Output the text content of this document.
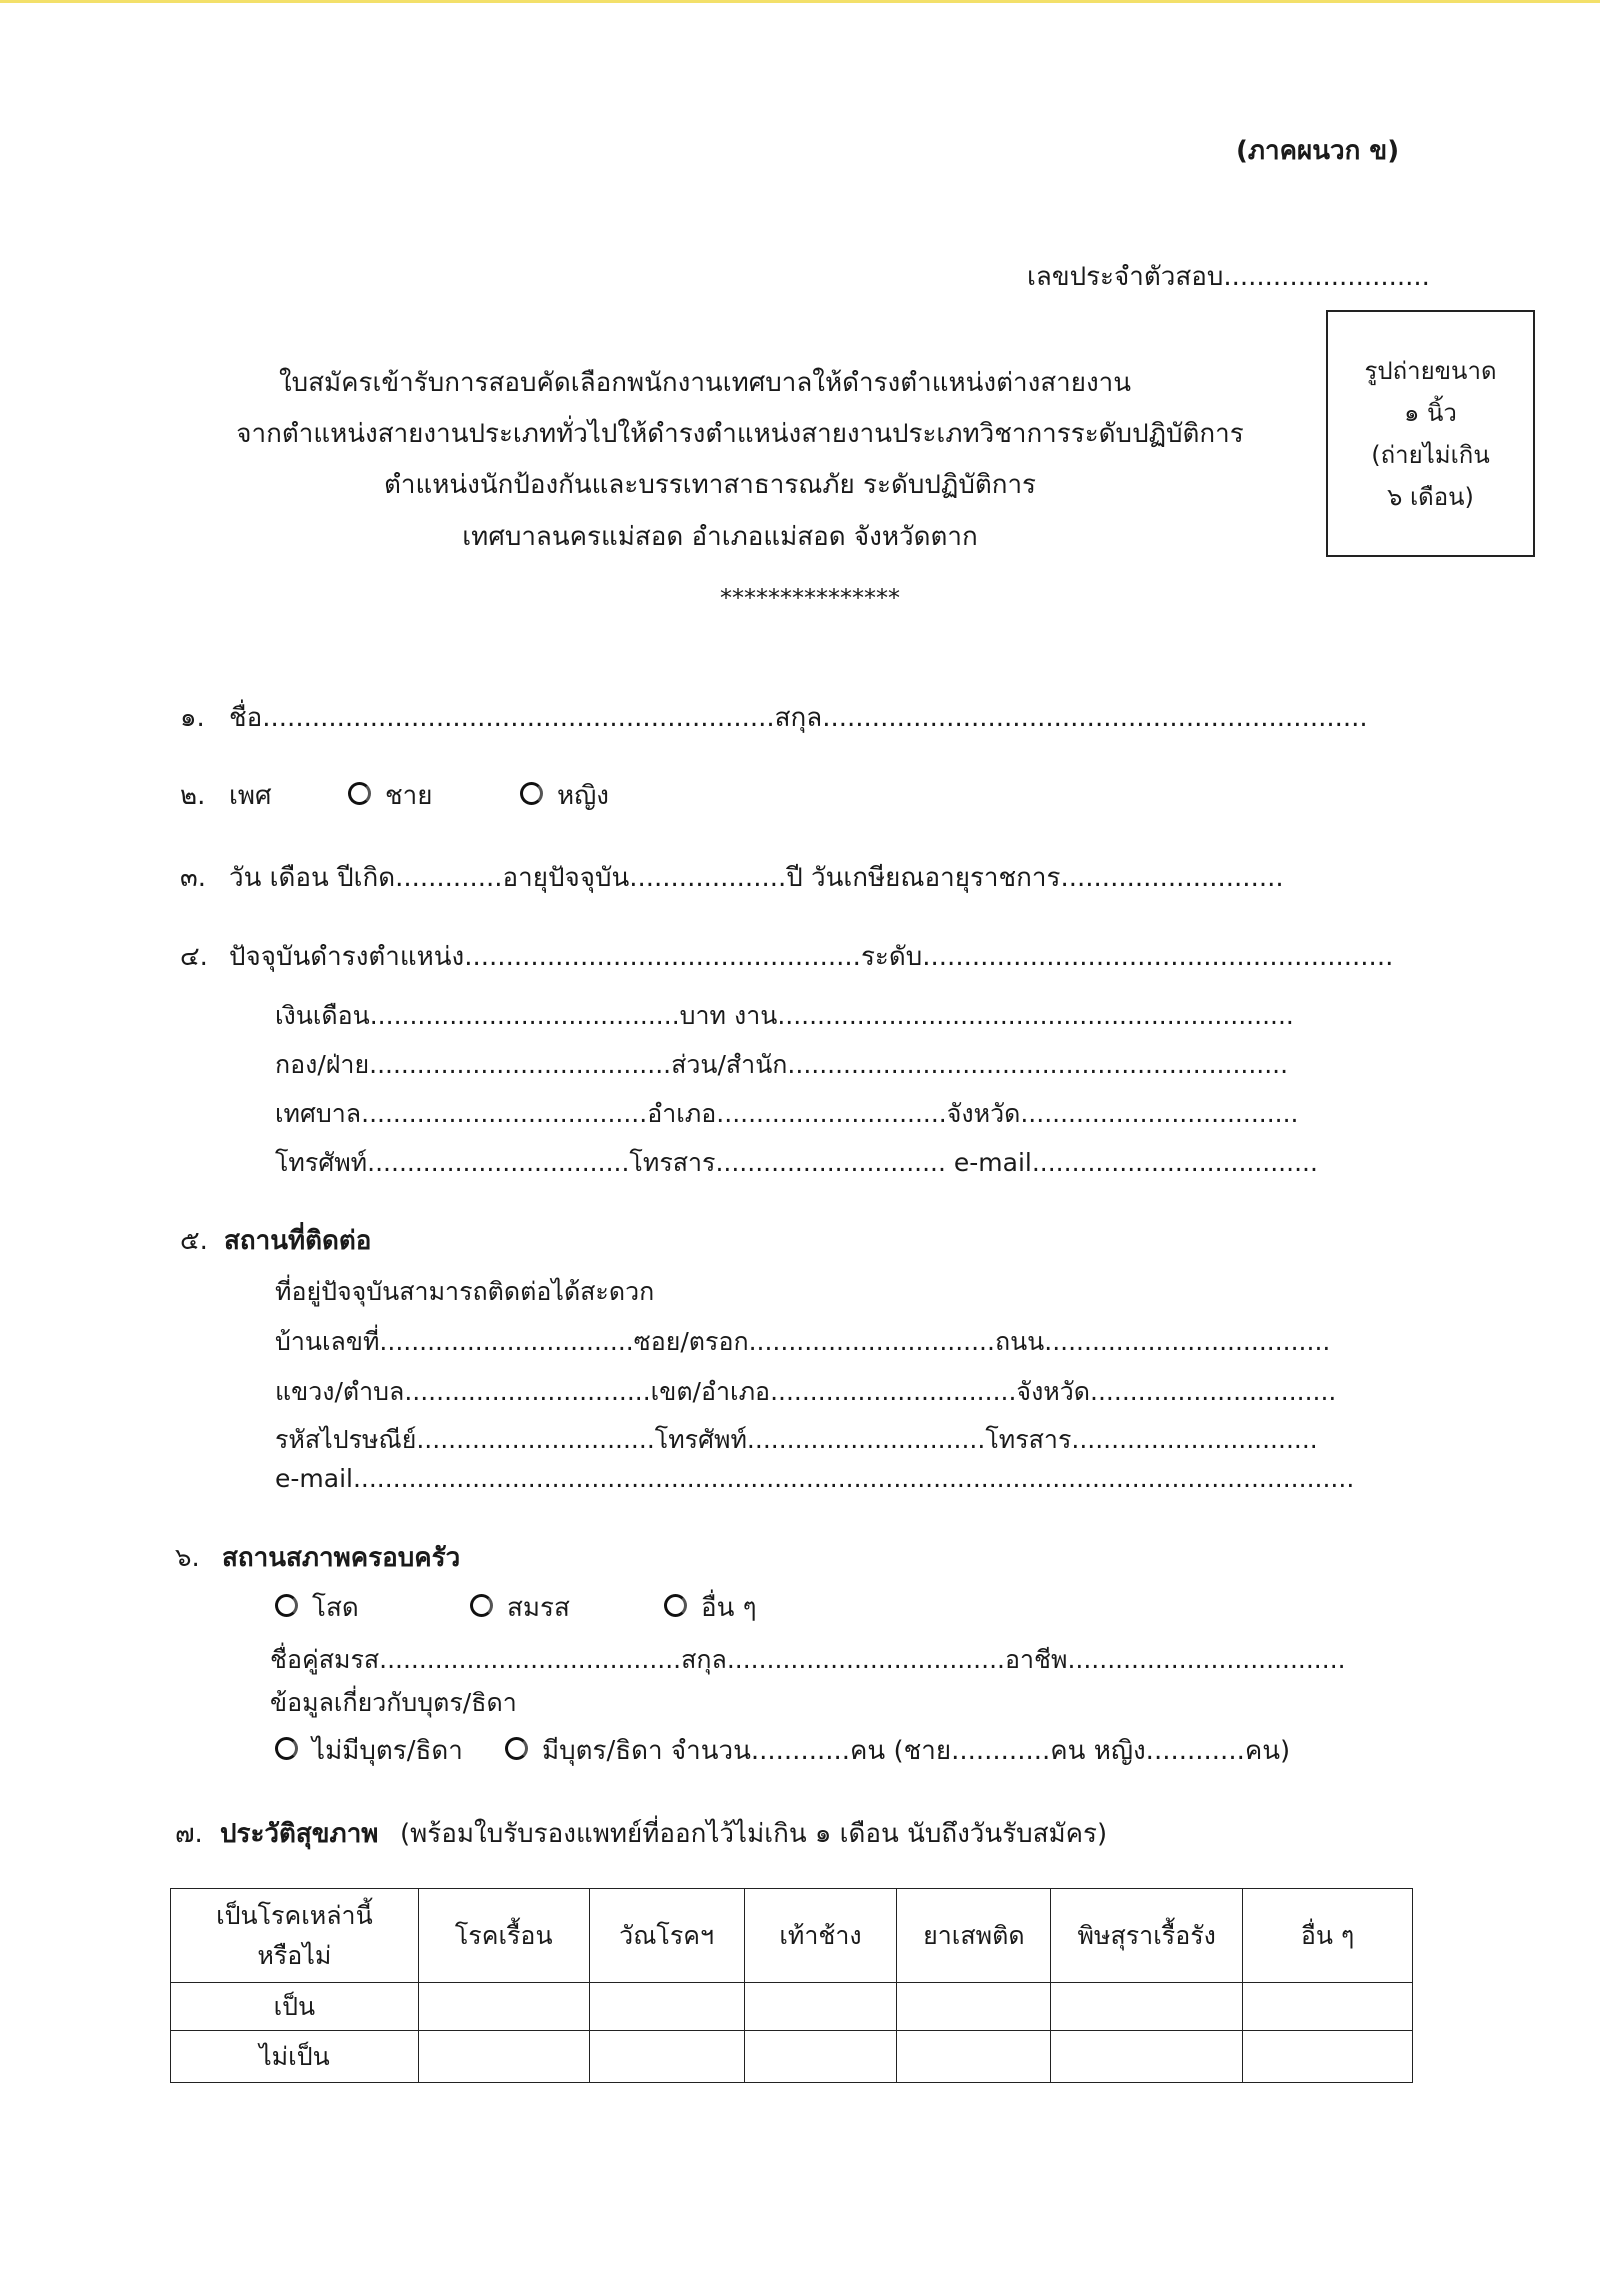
(ภาคผนวก ข)
เลขประจำตัวสอบ.........................
รูปถ่ายขนาด
๑ นิ้ว
(ถ่ายไม่เกิน
๖ เดือน)
ใบสมัครเข้ารับการสอบคัดเลือกพนักงานเทศบาลให้ดำรงตำแหน่งต่างสายงาน
จากตำแหน่งสายงานประเภททั่วไปให้ดำรงตำแหน่งสายงานประเภทวิชาการระดับปฏิบัติการ
ตำแหน่งนักป้องกันและบรรเทาสาธารณภัย ระดับปฏิบัติการ
เทศบาลนครแม่สอด อำเภอแม่สอด จังหวัดตาก
***************
๑. ชื่อ..............................................................สกุล..................................................................
๒. เพศ	ชาย	หญิง
๓. วัน เดือน ปีเกิด.............อายุปัจจุบัน...................ปี วันเกษียณอายุราชการ...........................
๔. ปัจจุบันดำรงตำแหน่ง................................................ระดับ.........................................................
เงินเดือน.......................................บาท งาน.................................................................
กอง/ฝ่าย......................................ส่วน/สำนัก...............................................................
เทศบาล....................................อำเภอ.............................จังหวัด...................................
โทรศัพท์.................................โทรสาร............................. e-mail....................................
๕. สถานที่ติดต่อ
ที่อยู่ปัจจุบันสามารถติดต่อได้สะดวก
บ้านเลขที่................................ซอย/ตรอก...............................ถนน....................................
แขวง/ตำบล...............................เขต/อำเภอ...............................จังหวัด...............................
รหัสไปรษณีย์..............................โทรศัพท์..............................โทรสาร...............................
e-mail..............................................................................................................................
๖. สถานสภาพครอบครัว
โสด	สมรส	อื่น ๆ
ชื่อคู่สมรส......................................สกุล...................................อาชีพ...................................
ข้อมูลเกี่ยวกับบุตร/ธิดา
ไม่มีบุตร/ธิดา	มีบุตร/ธิดา จำนวน............คน (ชาย............คน หญิง............คน)
๗. ประวัติสุขภาพ (พร้อมใบรับรองแพทย์ที่ออกไว้ไม่เกิน ๑ เดือน นับถึงวันรับสมัคร)
เป็นโรคเหล่านี้
หรือไม่	โรคเรื้อน	วัณโรคฯ	เท้าช้าง	ยาเสพติด	พิษสุราเรื้อรัง	อื่น ๆ
เป็น						
ไม่เป็น						
